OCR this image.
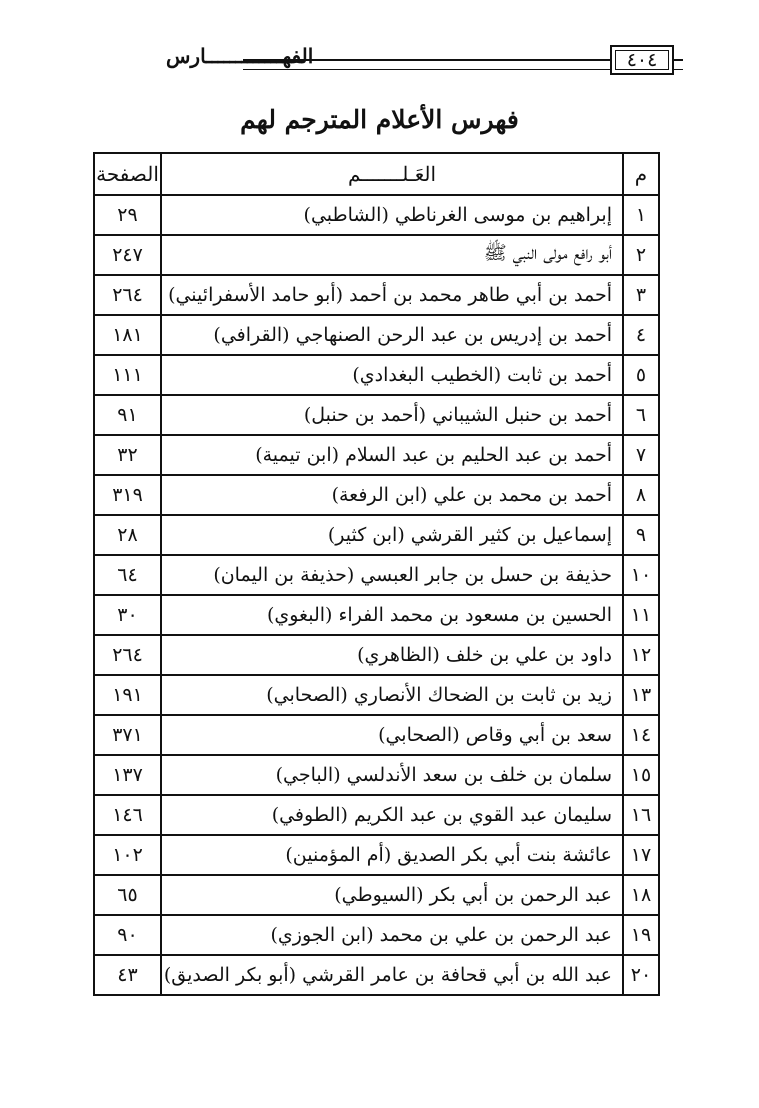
الفهـــــــــــــارس	٤٠٤
فهرس الأعلام المترجم لهم
م	العَـلـــــــم	الصفحة
١	إبراهيم بن موسى الغرناطي (الشاطبي)	٢٩
٢	أبو رافع مولى النبي ﷺ	٢٤٧
٣	أحمد بن أبي طاهر محمد بن أحمد (أبو حامد الأسفرائيني)	٢٦٤
٤	أحمد بن إدريس بن عبد الرحن الصنهاجي (القرافي)	١٨١
٥	أحمد بن ثابت (الخطيب البغدادي)	١١١
٦	أحمد بن حنبل الشيباني (أحمد بن حنبل)	٩١
٧	أحمد بن عبد الحليم بن عبد السلام (ابن تيمية)	٣٢
٨	أحمد بن محمد بن علي (ابن الرفعة)	٣١٩
٩	إسماعيل بن كثير القرشي (ابن كثير)	٢٨
١٠	حذيفة بن حسل بن جابر العبسي (حذيفة بن اليمان)	٦٤
١١	الحسين بن مسعود بن محمد الفراء (البغوي)	٣٠
١٢	داود بن علي بن خلف (الظاهري)	٢٦٤
١٣	زيد بن ثابت بن الضحاك الأنصاري (الصحابي)	١٩١
١٤	سعد بن أبي وقاص (الصحابي)	٣٧١
١٥	سلمان بن خلف بن سعد الأندلسي (الباجي)	١٣٧
١٦	سليمان عبد القوي بن عبد الكريم (الطوفي)	١٤٦
١٧	عائشة بنت أبي بكر الصديق (أم المؤمنين)	١٠٢
١٨	عبد الرحمن بن أبي بكر (السيوطي)	٦٥
١٩	عبد الرحمن بن علي بن محمد (ابن الجوزي)	٩٠
٢٠	عبد الله بن أبي قحافة بن عامر القرشي (أبو بكر الصديق)	٤٣
